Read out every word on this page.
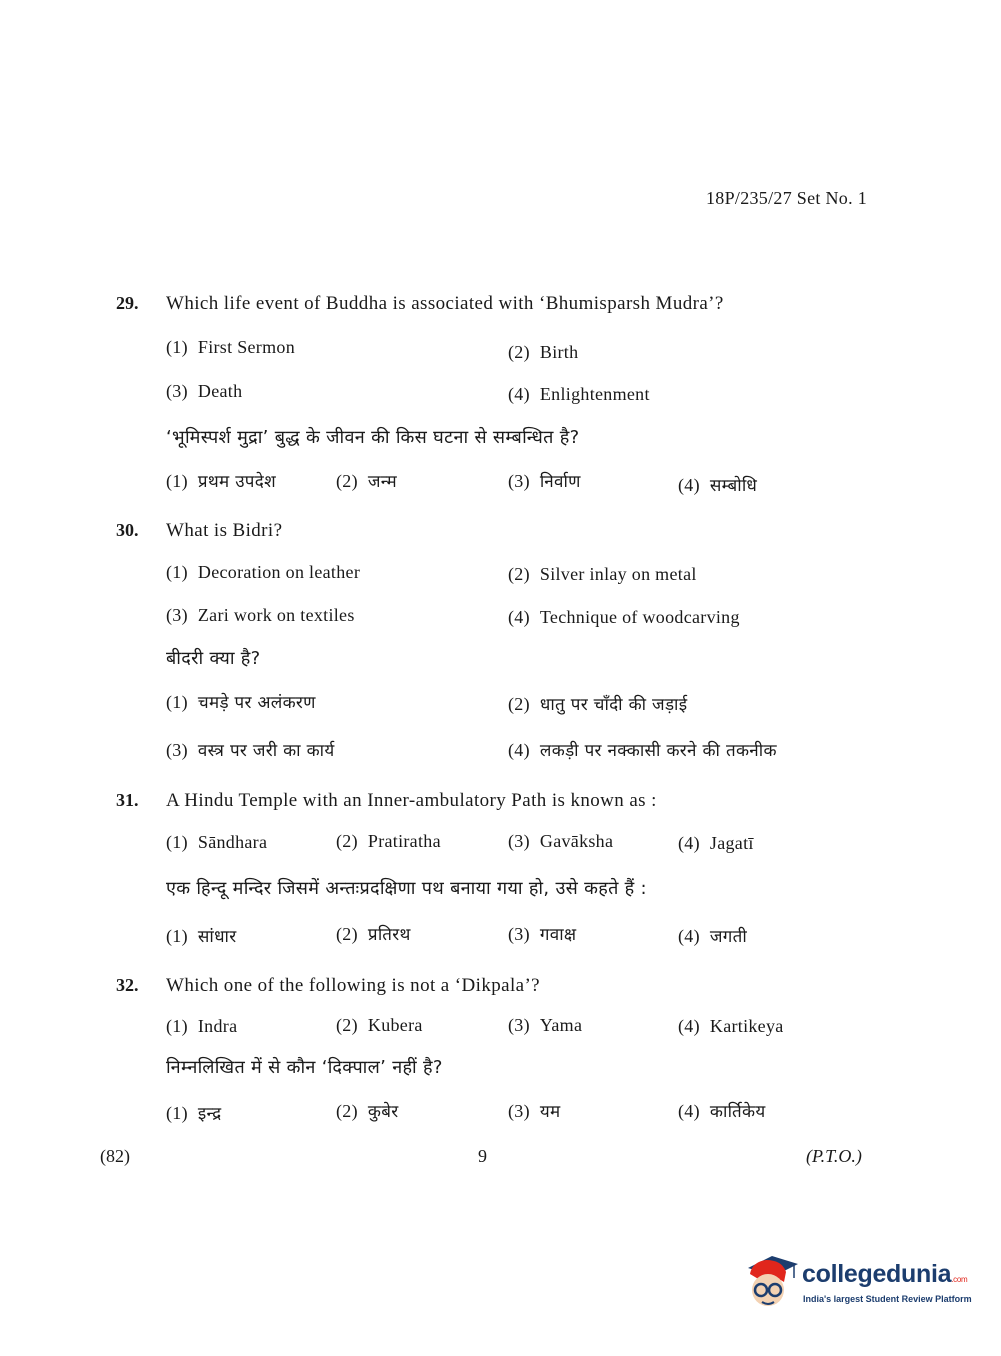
18P/235/27 Set No. 1
29. Which life event of Buddha is associated with ‘Bhumisparsh Mudra’?
(1) First Sermon	(2) Birth
(3) Death	(4) Enlightenment
‘भूमिस्पर्श मुद्रा’ बुद्ध के जीवन की किस घटना से सम्बन्धित है?
(1) प्रथम उपदेश	(2) जन्म	(3) निर्वाण	(4) सम्बोधि
30. What is Bidri?
(1) Decoration on leather	(2) Silver inlay on metal
(3) Zari work on textiles	(4) Technique of woodcarving
बीदरी क्या है?
(1) चमड़े पर अलंकरण	(2) धातु पर चाँदी की जड़ाई
(3) वस्त्र पर जरी का कार्य	(4) लकड़ी पर नक्कासी करने की तकनीक
31. A Hindu Temple with an Inner-ambulatory Path is known as :
(1) Sāndhara	(2) Pratiratha	(3) Gavāksha	(4) Jagatī
एक हिन्दू मन्दिर जिसमें अन्तःप्रदक्षिणा पथ बनाया गया हो, उसे कहते हैं :
(1) सांधार	(2) प्रतिरथ	(3) गवाक्ष	(4) जगती
32. Which one of the following is not a ‘Dikpala’?
(1) Indra	(2) Kubera	(3) Yama	(4) Kartikeya
निम्नलिखित में से कौन ‘दिक्पाल’ नहीं है?
(1) इन्द्र	(2) कुबेर	(3) यम	(4) कार्तिकेय
(82)	9	(P.T.O.)
collegedunia.com
India's largest Student Review Platform
